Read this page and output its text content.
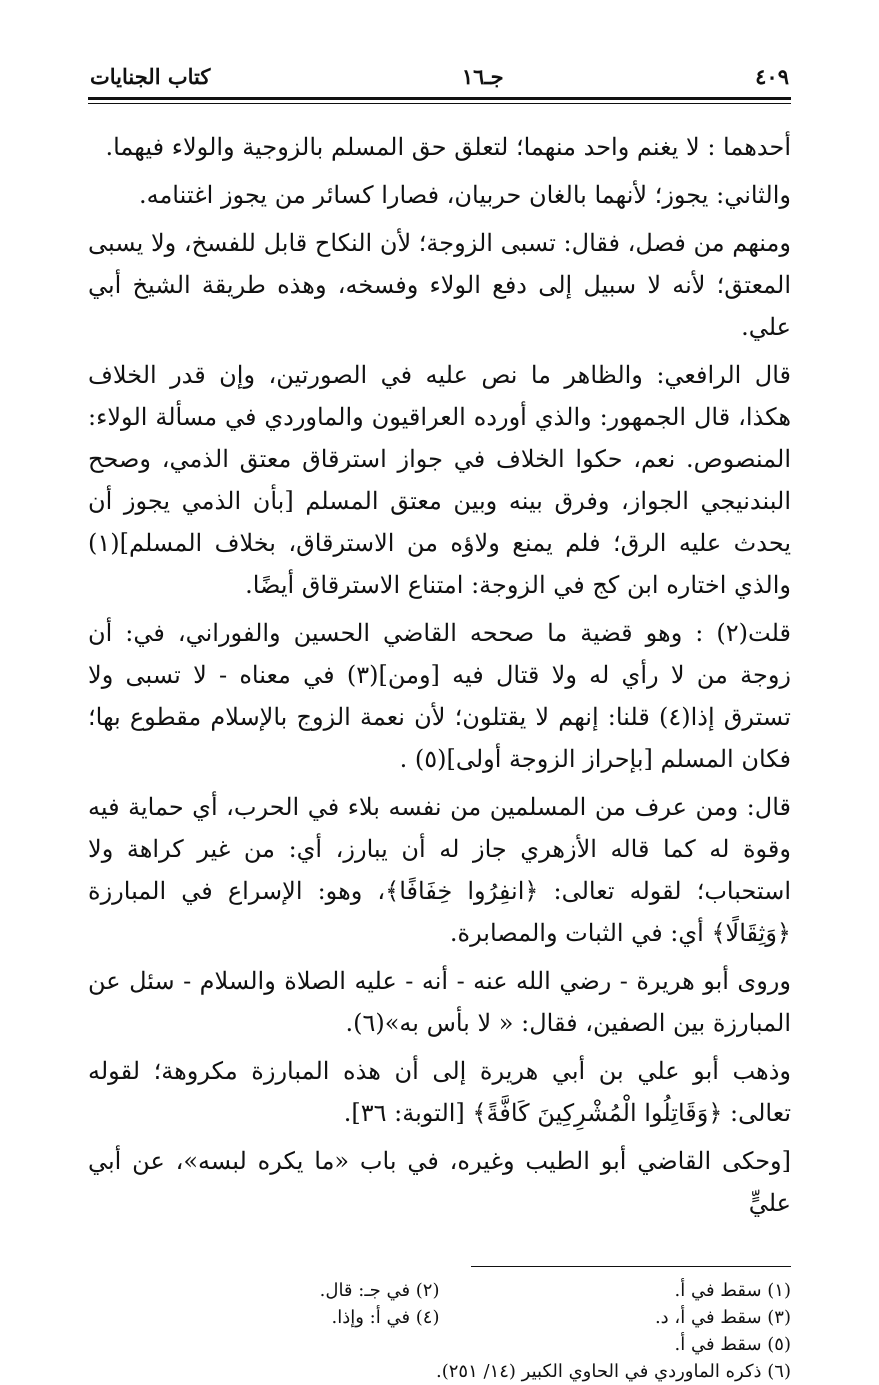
٤٠٩
جـ١٦
كتاب الجنايات

أحدهما : لا يغنم واحد منهما؛ لتعلق حق المسلم بالزوجية والولاء فيهما.

والثاني: يجوز؛ لأنهما بالغان حربيان، فصارا كسائر من يجوز اغتنامه.

ومنهم من فصل، فقال: تسبى الزوجة؛ لأن النكاح قابل للفسخ، ولا يسبى المعتق؛ لأنه لا سبيل إلى دفع الولاء وفسخه، وهذه طريقة الشيخ أبي علي.

قال الرافعي: والظاهر ما نص عليه في الصورتين، وإن قدر الخلاف هكذا، قال الجمهور: والذي أورده العراقيون والماوردي في مسألة الولاء: المنصوص. نعم، حكوا الخلاف في جواز استرقاق معتق الذمي، وصحح البندنيجي الجواز، وفرق بينه وبين معتق المسلم [بأن الذمي يجوز أن يحدث عليه الرق؛ فلم يمنع ولاؤه من الاسترقاق، بخلاف المسلم](١) والذي اختاره ابن كج في الزوجة: امتناع الاسترقاق أيضًا.

قلت(٢) : وهو قضية ما صححه القاضي الحسين والفوراني، في: أن زوجة من لا رأي له ولا قتال فيه [ومن](٣) في معناه - لا تسبى ولا تسترق إذا(٤) قلنا: إنهم لا يقتلون؛ لأن نعمة الزوج بالإسلام مقطوع بها؛ فكان المسلم [بإحراز الزوجة أولى](٥) .

قال: ومن عرف من المسلمين من نفسه بلاء في الحرب، أي حماية فيه وقوة له كما قاله الأزهري جاز له أن يبارز، أي: من غير كراهة ولا استحباب؛ لقوله تعالى: ﴿انفِرُوا خِفَافًا﴾، وهو: الإسراع في المبارزة ﴿وَثِقَالًا﴾ أي: في الثبات والمصابرة.

وروى أبو هريرة - رضي الله عنه - أنه - عليه الصلاة والسلام - سئل عن المبارزة بين الصفين، فقال: « لا بأس به»(٦).

وذهب أبو علي بن أبي هريرة إلى أن هذه المبارزة مكروهة؛ لقوله تعالى: ﴿وَقَاتِلُوا الْمُشْرِكِينَ كَافَّةً﴾ [التوبة: ٣٦].

[وحكى القاضي أبو الطيب وغيره، في باب «ما يكره لبسه»، عن أبي عليٍّ

(١) سقط في أ.
(٢) في جـ: قال.
(٣) سقط في أ، د.
(٤) في أ: وإذا.
(٥) سقط في أ.
(٦) ذكره الماوردي في الحاوي الكبير (١٤/ ٢٥١).
